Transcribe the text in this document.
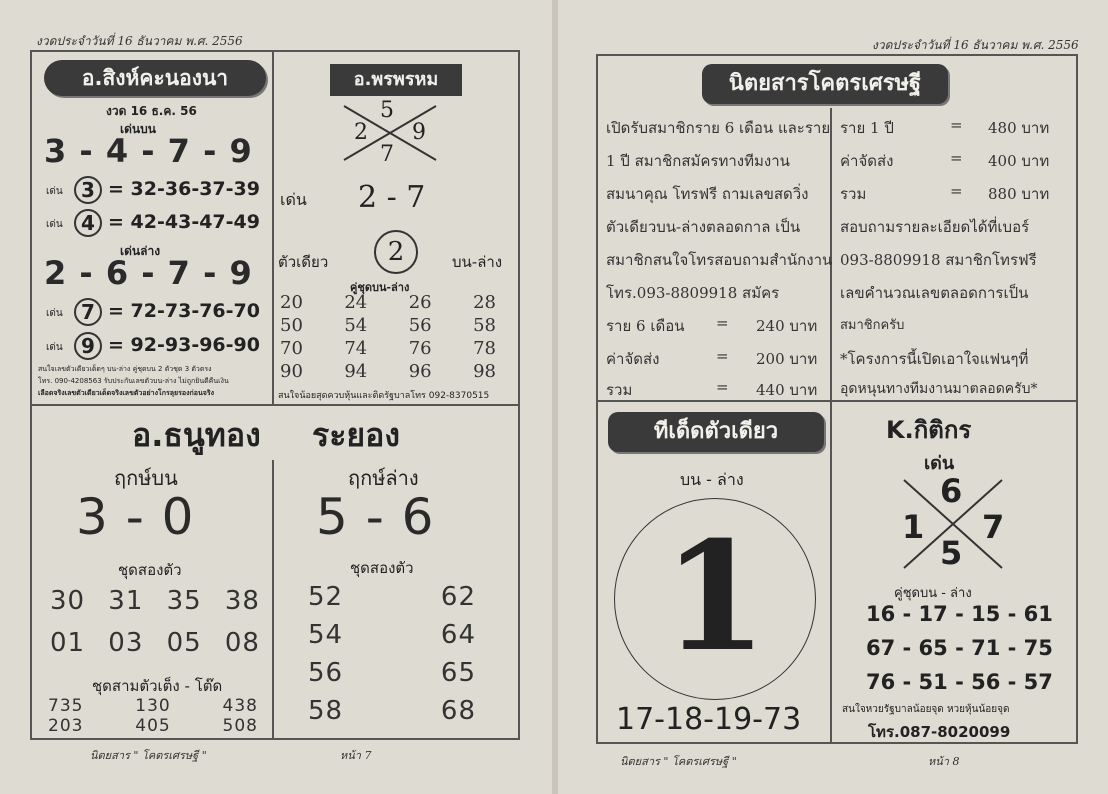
งวดประจำวันที่ 16 ธันวาคม พ.ศ. 2556
อ.สิงห์คะนองนา
งวด 16 ธ.ค. 56
เด่นบน
3 - 4 - 7 - 9
เด่น 3 = 32-36-37-39
เด่น 4 = 42-43-47-49
เด่นล่าง
2 - 6 - 7 - 9
เด่น 7 = 72-73-76-70
เด่น 9 = 92-93-96-90
สนใจเลขตัวเดียวเด็ดๆ บน-ล่าง คู่ชุดบน 2 ตัวชุด 3 ตัวตรง
โทร. 090-4208563 รับประกันเลขตัวบน-ล่าง ไม่ถูกยินดีคืนเงิน
เลือดจริงเลขตัวเดียวเด็ดจริงเลขตัวอย่างโกรลุยรองก่อนจริง
อ.พรพรหม
5
2 9
7
เด่น 2 - 7
ตัวเดียว	2	บน-ล่าง
คู่ชุดบน-ล่าง
20 24 26 28
50 54 56 58
70 74 76 78
90 94 96 98
สนใจน้อยสุดควบหุ้นและติดรัฐบาลโทร 092-8370515
อ.ธนูทอง ระยอง
ฤกษ์บน
3 - 0
ชุดสองตัว
30 31 35 38
01 03 05 08
ชุดสามตัวเต็ง - โต๊ด
735	130	438
203	405	508
ฤกษ์ล่าง
5 - 6
ชุดสองตัว
52	62
54	64
56	65
58	68
นิตยสาร " โคตรเศรษฐี "	หน้า 7
งวดประจำวันที่ 16 ธันวาคม พ.ศ. 2556
นิตยสารโคตรเศรษฐี
เปิดรับสมาชิกราย 6 เดือน และราย
1 ปี สมาชิกสมัครทางทีมงาน
สมนาคุณ โทรฟรี ถามเลขสดวิ่ง
ตัวเดียวบน-ล่างตลอดกาล เป็น
สมาชิกสนใจโทรสอบถามสำนักงาน
โทร.093-8809918 สมัคร
ราย 6 เดือน = 240 บาท
ค่าจัดส่ง	= 200 บาท
รวม	= 440 บาท
ราย 1 ปี	= 480 บาท
ค่าจัดส่ง	= 400 บาท
รวม	= 880 บาท
สอบถามรายละเอียดได้ที่เบอร์
093-8809918 สมาชิกโทรฟรี
เลขคำนวณเลขตลอดการเป็น
สมาชิกครับ
*โครงการนี้เปิดเอาใจแฟนๆที่
อุดหนุนทางทีมงานมาตลอดครับ*
ทีเด็ดตัวเดียว
บน - ล่าง
1
17-18-19-73
K.กิติกร
เด่น
6
1 7
5
คู่ชุดบน - ล่าง
16 - 17 - 15 - 61
67 - 65 - 71 - 75
76 - 51 - 56 - 57
สนใจหวยรัฐบาลน้อยจุด หวยหุ้นน้อยจุด
โทร.087-8020099
นิตยสาร " โคตรเศรษฐี "	หน้า 8
